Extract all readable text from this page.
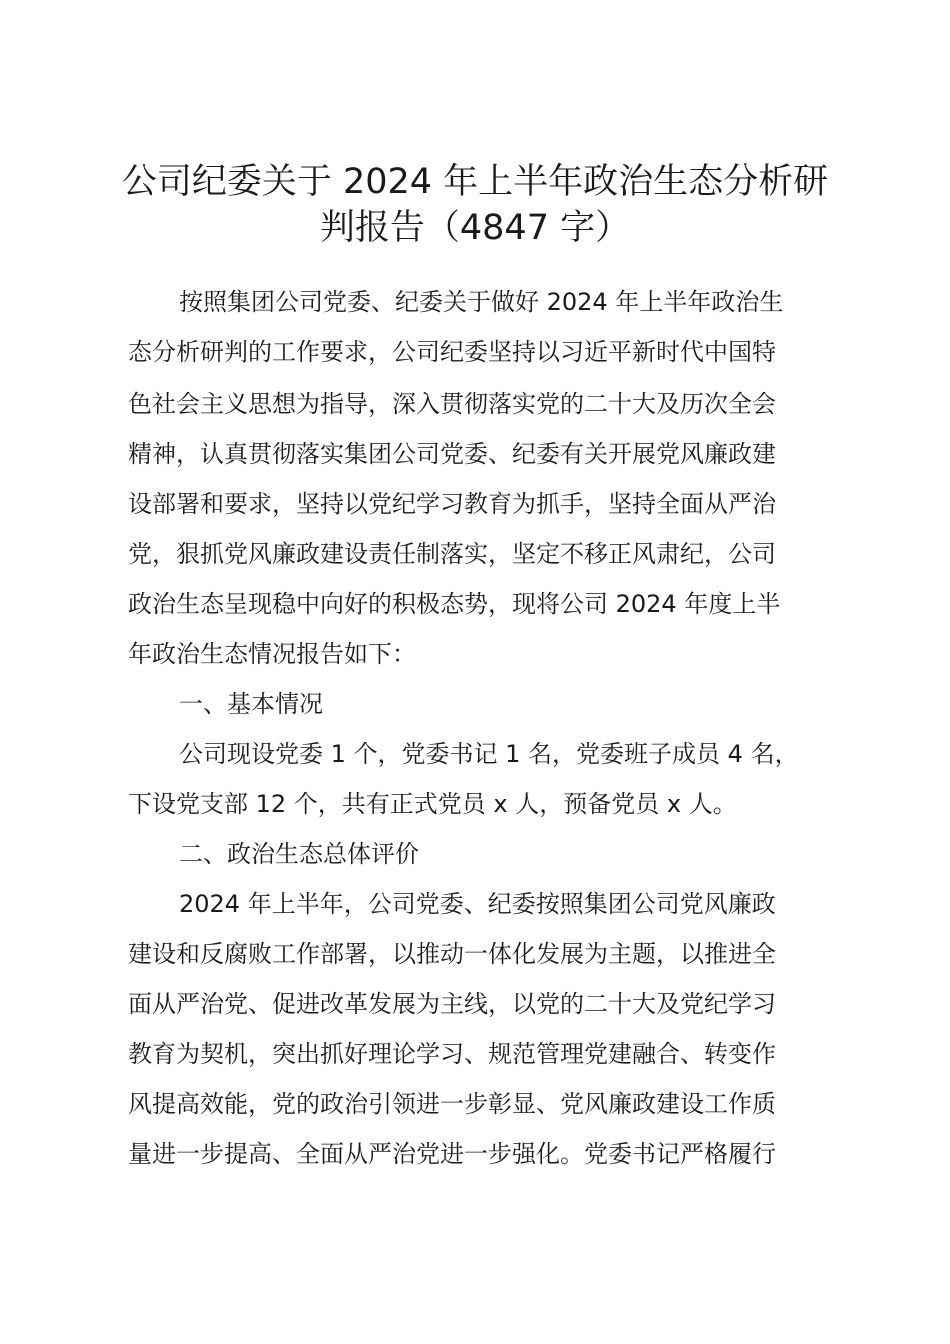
公司纪委关于 2024 年上半年政治生态分析研
判报告（4847 字）

按照集团公司党委、纪委关于做好 2024 年上半年政治生

态分析研判的工作要求，公司纪委坚持以习近平新时代中国特

色社会主义思想为指导，深入贯彻落实党的二十大及历次全会

精神，认真贯彻落实集团公司党委、纪委有关开展党风廉政建

设部署和要求，坚持以党纪学习教育为抓手，坚持全面从严治

党，狠抓党风廉政建设责任制落实，坚定不移正风肃纪，公司

政治生态呈现稳中向好的积极态势，现将公司 2024 年度上半

年政治生态情况报告如下：

一、基本情况

公司现设党委 1 个，党委书记 1 名，党委班子成员 4 名，

下设党支部 12 个，共有正式党员 x 人，预备党员 x 人。

二、政治生态总体评价

2024 年上半年，公司党委、纪委按照集团公司党风廉政

建设和反腐败工作部署，以推动一体化发展为主题，以推进全

面从严治党、促进改革发展为主线，以党的二十大及党纪学习

教育为契机，突出抓好理论学习、规范管理党建融合、转变作

风提高效能，党的政治引领进一步彰显、党风廉政建设工作质

量进一步提高、全面从严治党进一步强化。党委书记严格履行
